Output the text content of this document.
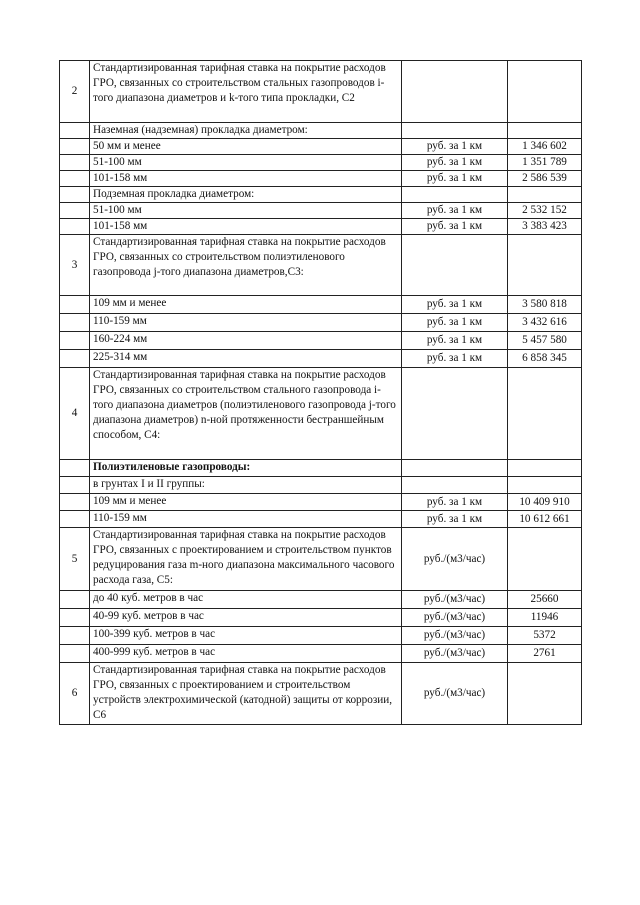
2	Стандартизированная тарифная ставка на покрытие расходов ГРО, связанных со строительством стальных газопроводов i-того диапазона диаметров и k-того типа прокладки, С2		
	Наземная (надземная) прокладка диаметром:		
	50 мм и менее	руб. за 1 км	1 346 602
	51-100 мм	руб. за 1 км	1 351 789
	101-158 мм	руб. за 1 км	2 586 539
	Подземная прокладка диаметром:		
	51-100 мм	руб. за 1 км	2 532 152
	101-158 мм	руб. за 1 км	3 383 423
3	Стандартизированная тарифная ставка на покрытие расходов ГРО, связанных со строительством полиэтиленового газопровода j-того диапазона диаметров,С3:		
	109 мм и менее	руб. за 1 км	3 580 818
	110-159 мм	руб. за 1 км	3 432 616
	160-224 мм	руб. за 1 км	5 457 580
	225-314 мм	руб. за 1 км	6 858 345
4	Стандартизированная тарифная ставка на покрытие расходов ГРО, связанных со строительством стального газопровода i-того диапазона диаметров (полиэтиленового газопровода j-того диапазона диаметров) n-ной протяженности бестраншейным способом, С4:		
	Полиэтиленовые газопроводы:		
	в грунтах I и II группы:		
	109 мм и менее	руб. за 1 км	10 409 910
	110-159 мм	руб. за 1 км	10 612 661
5	Стандартизированная тарифная ставка на покрытие расходов ГРО, связанных с проектированием и строительством пунктов редуцирования газа m-ного диапазона максимального часового расхода газа, С5:	руб./(м3/час)	
	до 40 куб. метров в час	руб./(м3/час)	25660
	40-99 куб. метров в час	руб./(м3/час)	11946
	100-399 куб. метров в час	руб./(м3/час)	5372
	400-999 куб. метров в час	руб./(м3/час)	2761
6	Стандартизированная тарифная ставка на покрытие расходов ГРО, связанных с проектированием и строительством устройств электрохимической (катодной) защиты от коррозии, С6	руб./(м3/час)	
